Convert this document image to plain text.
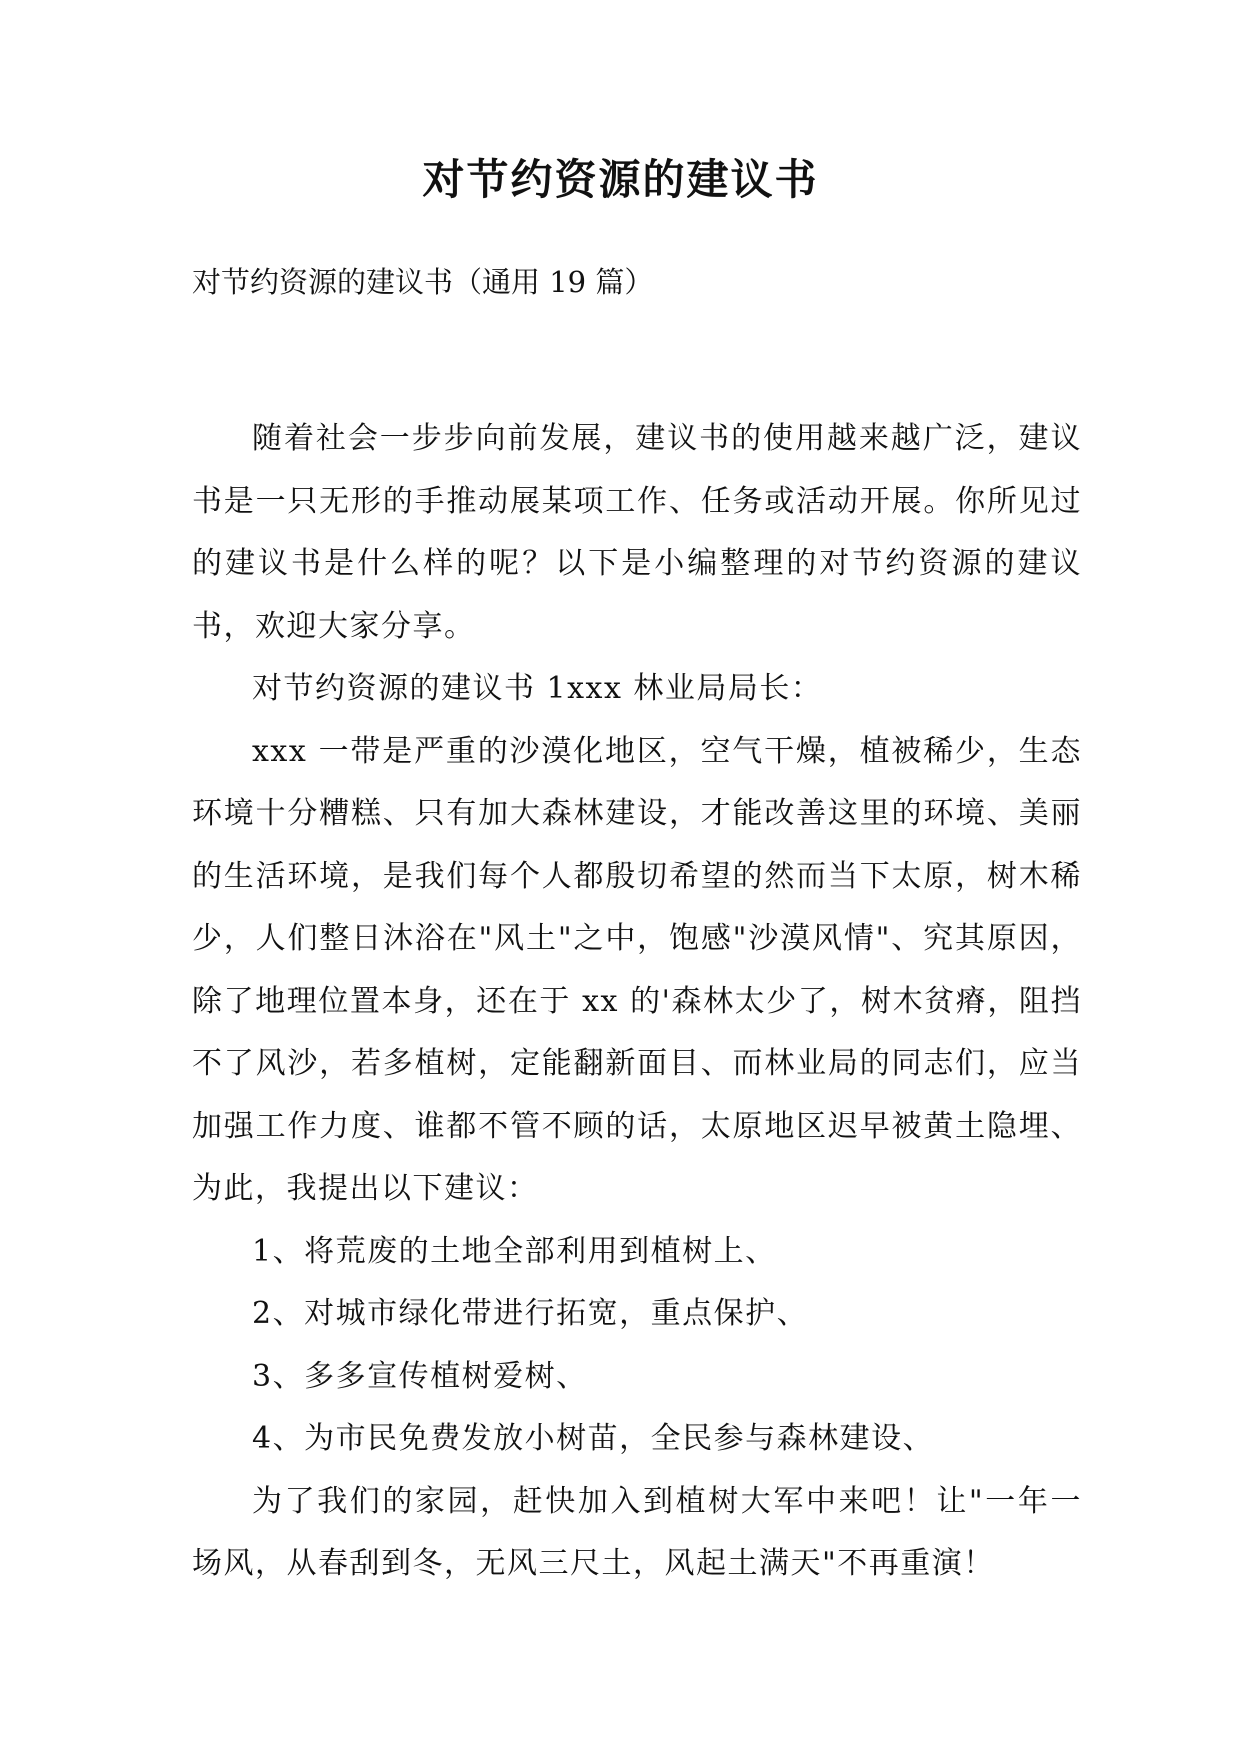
对节约资源的建议书
对节约资源的建议书（通用 19 篇）

随着社会一步步向前发展，建议书的使用越来越广泛，建议书是一只无形的手推动展某项工作、任务或活动开展。你所见过的建议书是什么样的呢？以下是小编整理的对节约资源的建议书，欢迎大家分享。

对节约资源的建议书 1xxx 林业局局长：

xxx 一带是严重的沙漠化地区，空气干燥，植被稀少，生态环境十分糟糕、只有加大森林建设，才能改善这里的环境、美丽的生活环境，是我们每个人都殷切希望的然而当下太原，树木稀少，人们整日沐浴在"风土"之中，饱感"沙漠风情"、究其原因，除了地理位置本身，还在于 xx 的'森林太少了，树木贫瘠，阻挡不了风沙，若多植树，定能翻新面目、而林业局的同志们，应当加强工作力度、谁都不管不顾的话，太原地区迟早被黄土隐埋、为此，我提出以下建议：

1、将荒废的土地全部利用到植树上、

2、对城市绿化带进行拓宽，重点保护、

3、多多宣传植树爱树、

4、为市民免费发放小树苗，全民参与森林建设、

为了我们的家园，赶快加入到植树大军中来吧！让"一年一场风，从春刮到冬，无风三尺土，风起土满天"不再重演！
